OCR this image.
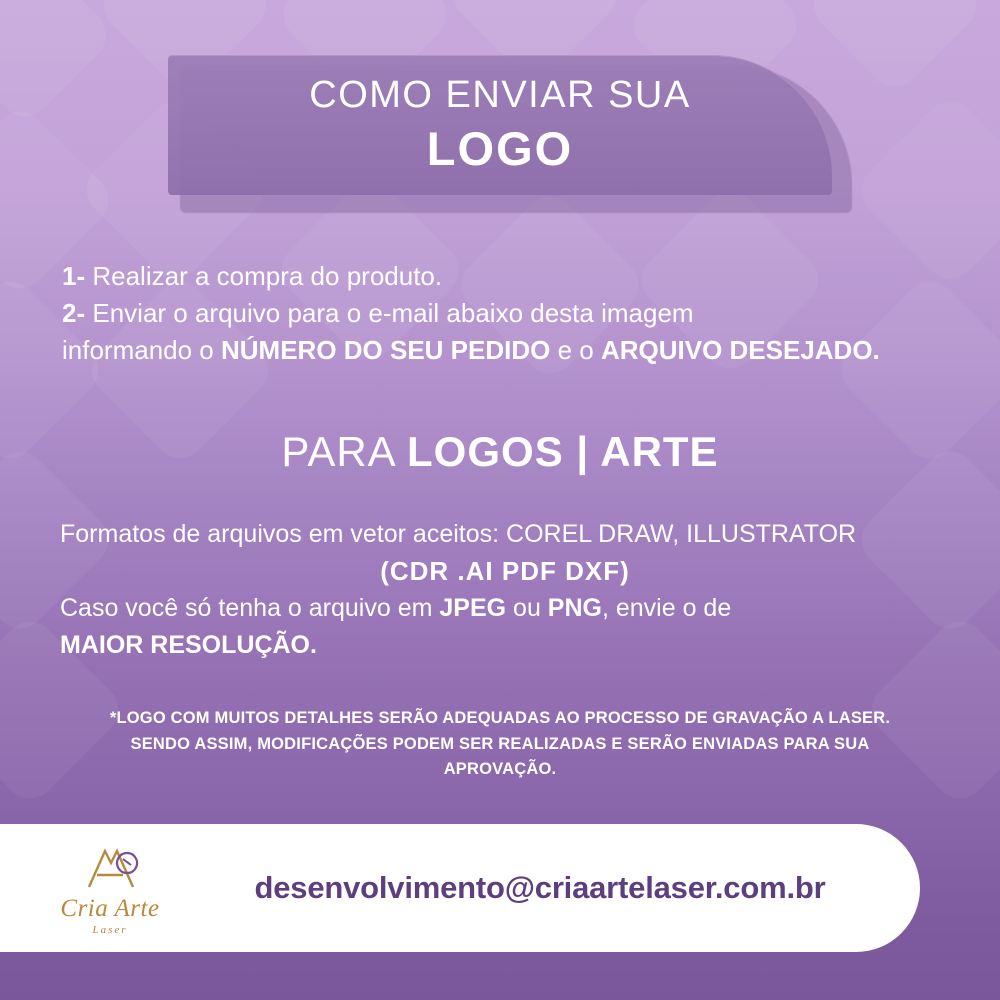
COMO ENVIAR SUA
LOGO
1- Realizar a compra do produto.
2- Enviar o arquivo para o e-mail abaixo desta imagem
informando o NÚMERO DO SEU PEDIDO e o ARQUIVO DESEJADO.
PARA LOGOS | ARTE
Formatos de arquivos em vetor aceitos: COREL DRAW, ILLUSTRATOR
(CDR .AI PDF DXF)
Caso você só tenha o arquivo em JPEG ou PNG, envie o de
MAIOR RESOLUÇÃO.
*LOGO COM MUITOS DETALHES SERÃO ADEQUADAS AO PROCESSO DE GRAVAÇÃO A LASER.
SENDO ASSIM, MODIFICAÇÕES PODEM SER REALIZADAS E SERÃO ENVIADAS PARA SUA
APROVAÇÃO.
Cria Arte
Laser
desenvolvimento@criaartelaser.com.br
